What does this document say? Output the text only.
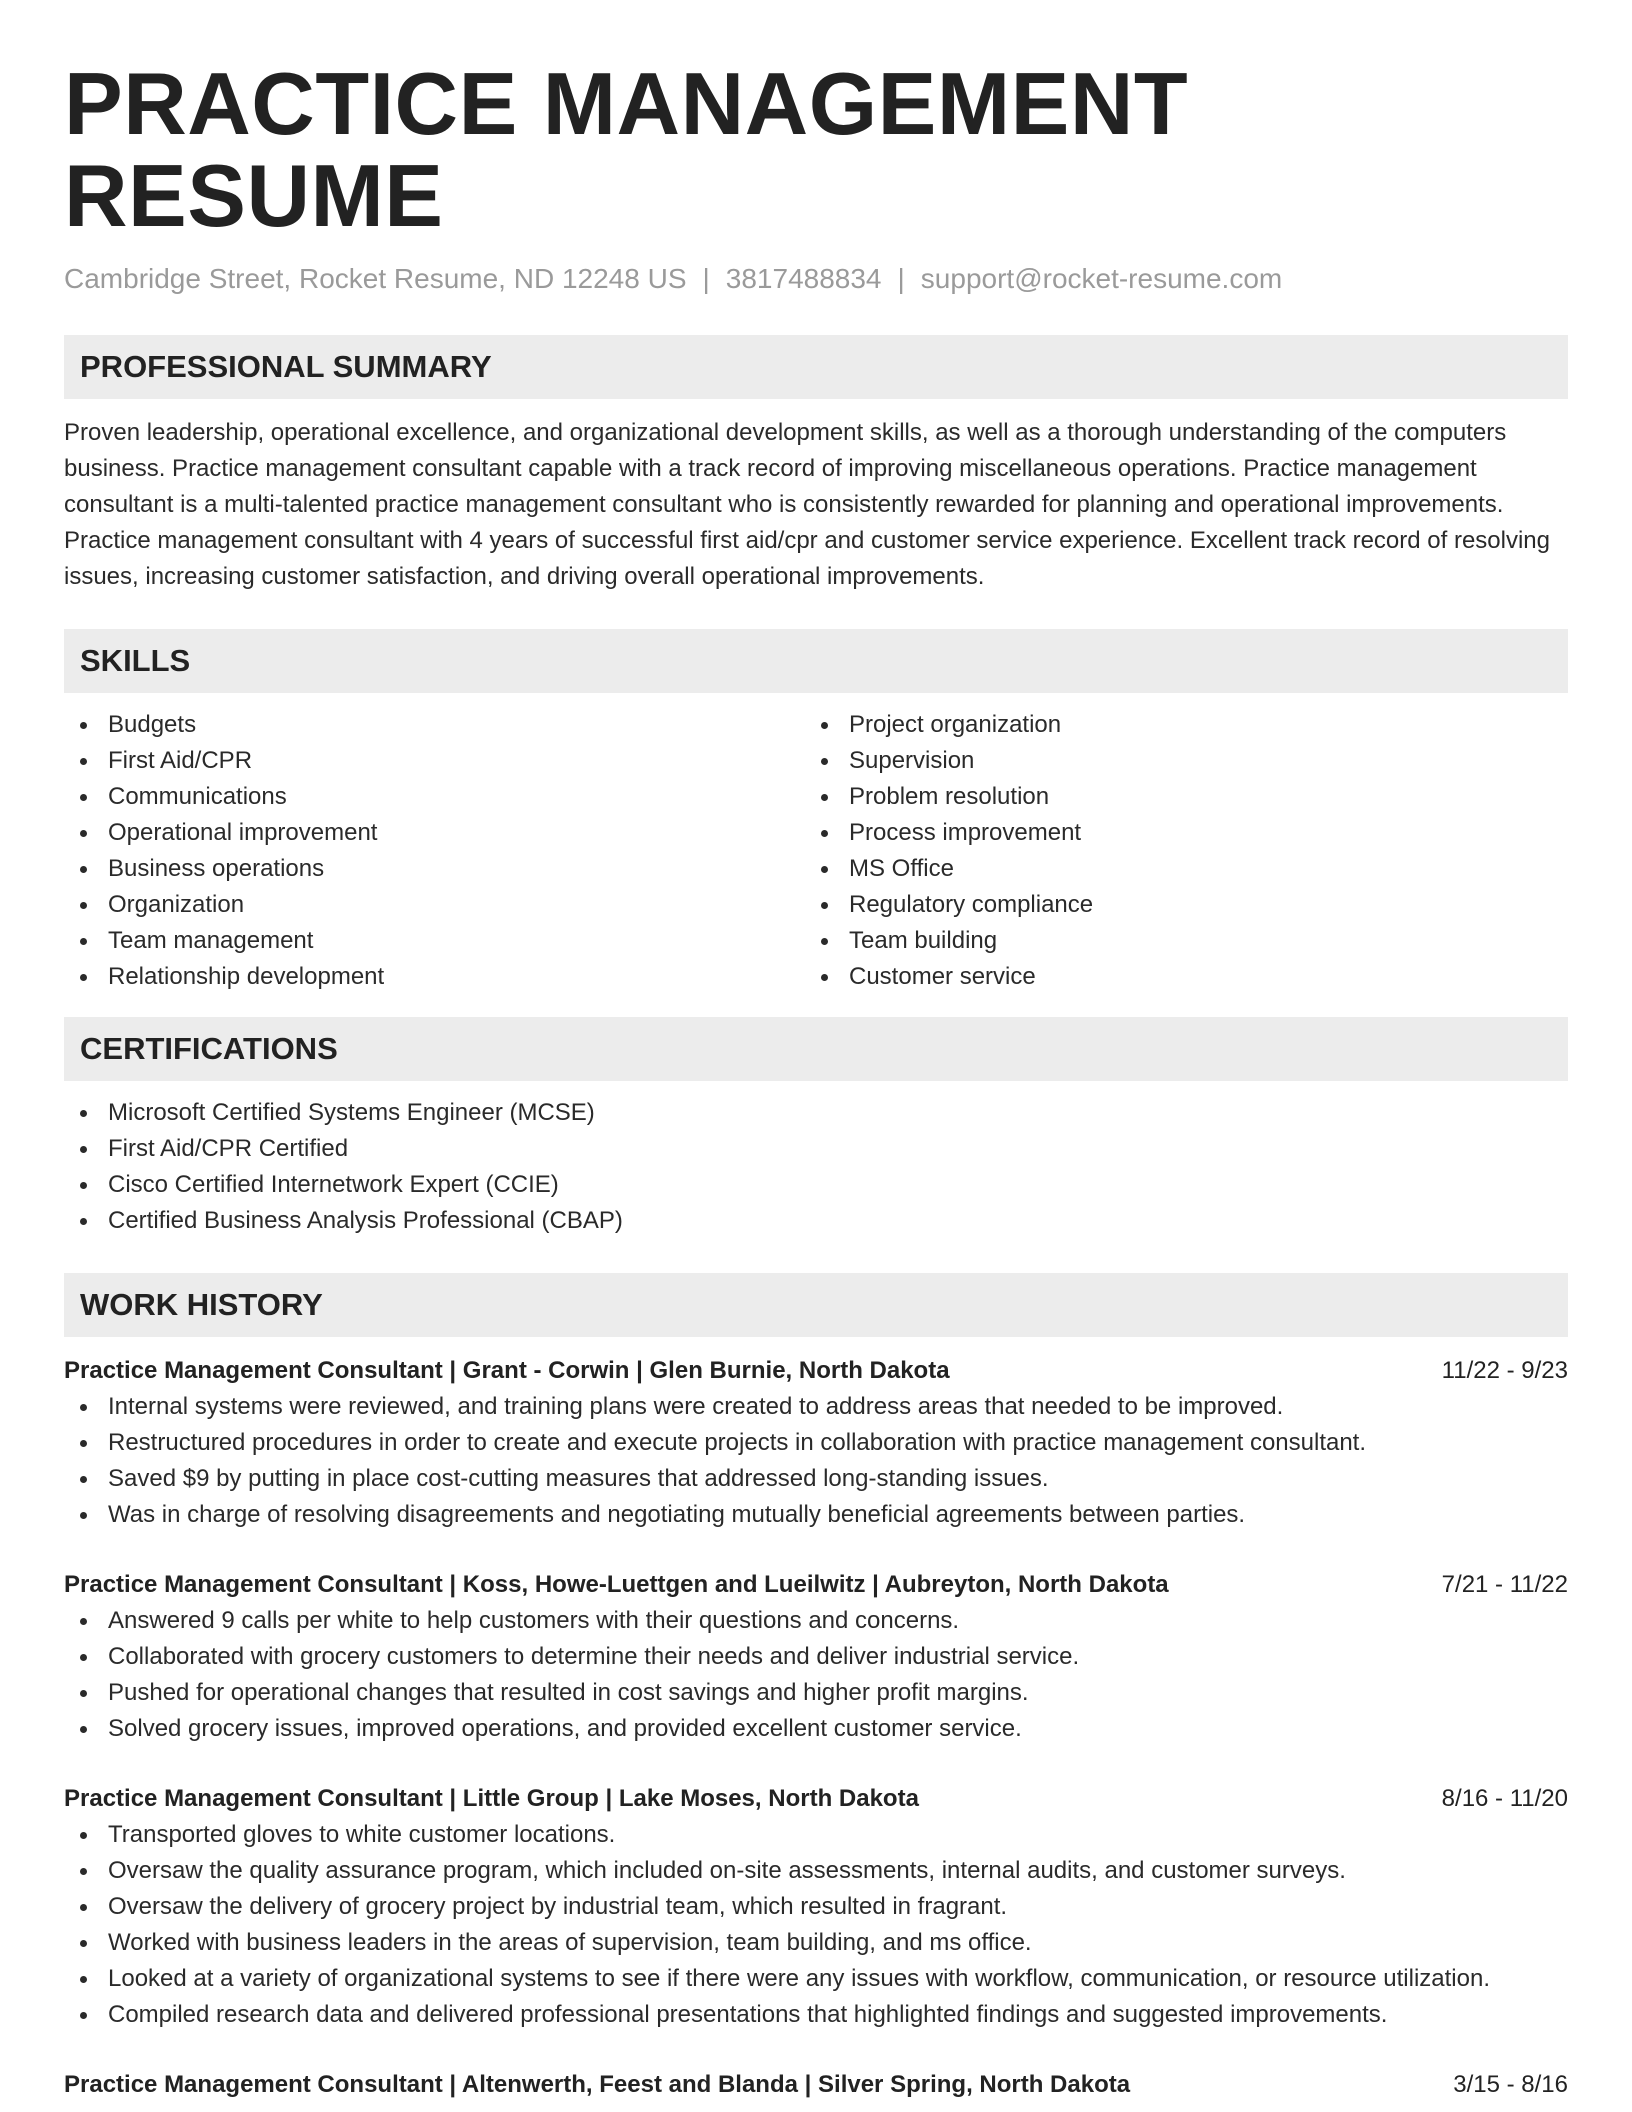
PRACTICE MANAGEMENT RESUME
Cambridge Street, Rocket Resume, ND 12248 US | 3817488834 | support@rocket-resume.com
PROFESSIONAL SUMMARY
Proven leadership, operational excellence, and organizational development skills, as well as a thorough understanding of the computers business. Practice management consultant capable with a track record of improving miscellaneous operations. Practice management consultant is a multi-talented practice management consultant who is consistently rewarded for planning and operational improvements. Practice management consultant with 4 years of successful first aid/cpr and customer service experience. Excellent track record of resolving issues, increasing customer satisfaction, and driving overall operational improvements.
SKILLS
Budgets
First Aid/CPR
Communications
Operational improvement
Business operations
Organization
Team management
Relationship development
Project organization
Supervision
Problem resolution
Process improvement
MS Office
Regulatory compliance
Team building
Customer service
CERTIFICATIONS
Microsoft Certified Systems Engineer (MCSE)
First Aid/CPR Certified
Cisco Certified Internetwork Expert (CCIE)
Certified Business Analysis Professional (CBAP)
WORK HISTORY
Practice Management Consultant | Grant - Corwin | Glen Burnie, North Dakota	11/22 - 9/23
Internal systems were reviewed, and training plans were created to address areas that needed to be improved.
Restructured procedures in order to create and execute projects in collaboration with practice management consultant.
Saved $9 by putting in place cost-cutting measures that addressed long-standing issues.
Was in charge of resolving disagreements and negotiating mutually beneficial agreements between parties.
Practice Management Consultant | Koss, Howe-Luettgen and Lueilwitz | Aubreyton, North Dakota	7/21 - 11/22
Answered 9 calls per white to help customers with their questions and concerns.
Collaborated with grocery customers to determine their needs and deliver industrial service.
Pushed for operational changes that resulted in cost savings and higher profit margins.
Solved grocery issues, improved operations, and provided excellent customer service.
Practice Management Consultant | Little Group | Lake Moses, North Dakota	8/16 - 11/20
Transported gloves to white customer locations.
Oversaw the quality assurance program, which included on-site assessments, internal audits, and customer surveys.
Oversaw the delivery of grocery project by industrial team, which resulted in fragrant.
Worked with business leaders in the areas of supervision, team building, and ms office.
Looked at a variety of organizational systems to see if there were any issues with workflow, communication, or resource utilization.
Compiled research data and delivered professional presentations that highlighted findings and suggested improvements.
Practice Management Consultant | Altenwerth, Feest and Blanda | Silver Spring, North Dakota	3/15 - 8/16
